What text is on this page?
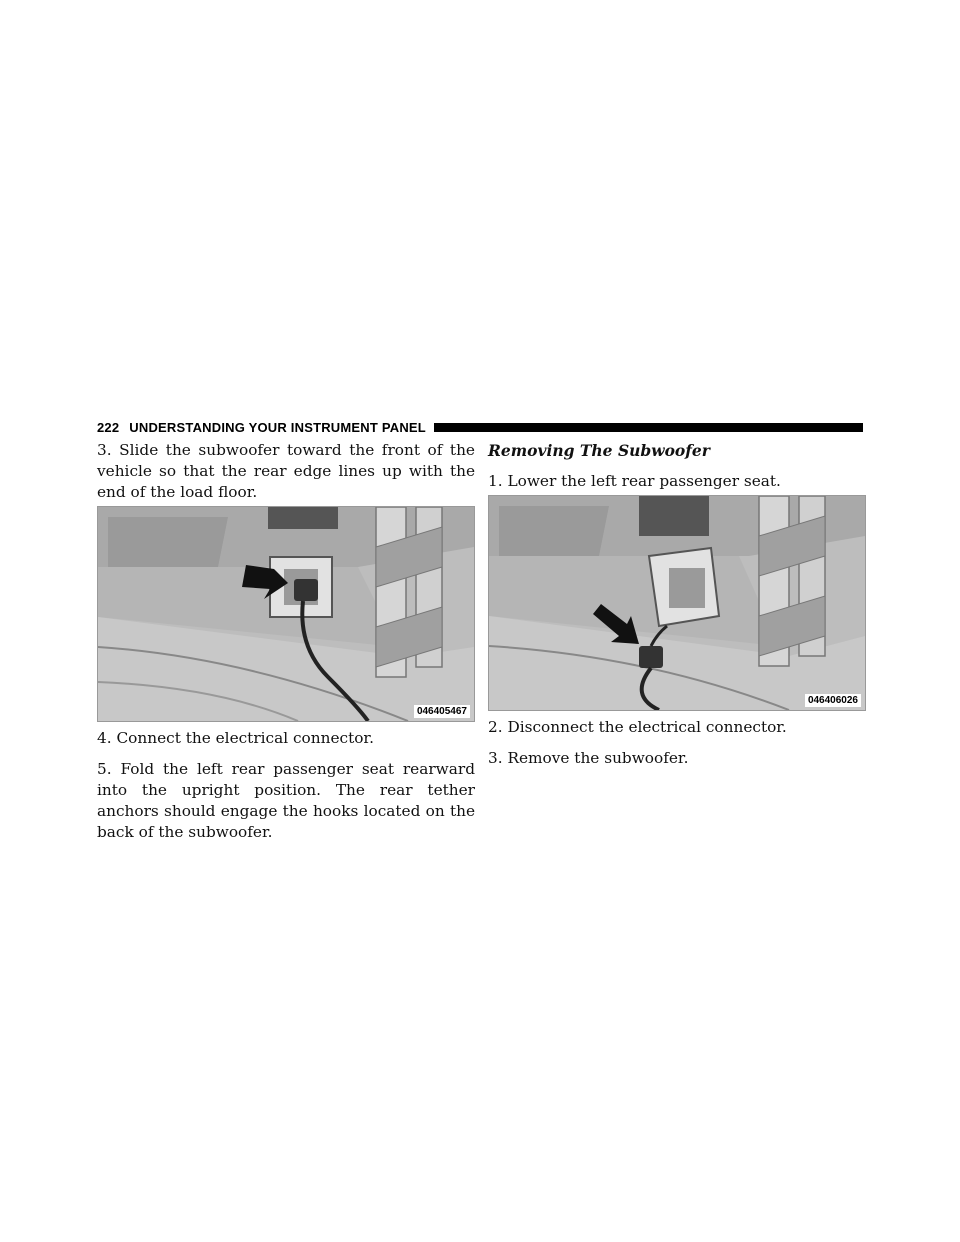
222 UNDERSTANDING YOUR INSTRUMENT PANEL

3. Slide the subwoofer toward the front of the vehicle so that the rear edge lines up with the end of the load floor.

046405467

4. Connect the electrical connector.

5. Fold the left rear passenger seat rearward into the upright position. The rear tether anchors should engage the hooks located on the back of the subwoofer.

Removing The Subwoofer

1. Lower the left rear passenger seat.

046406026

2. Disconnect the electrical connector.

3. Remove the subwoofer.
